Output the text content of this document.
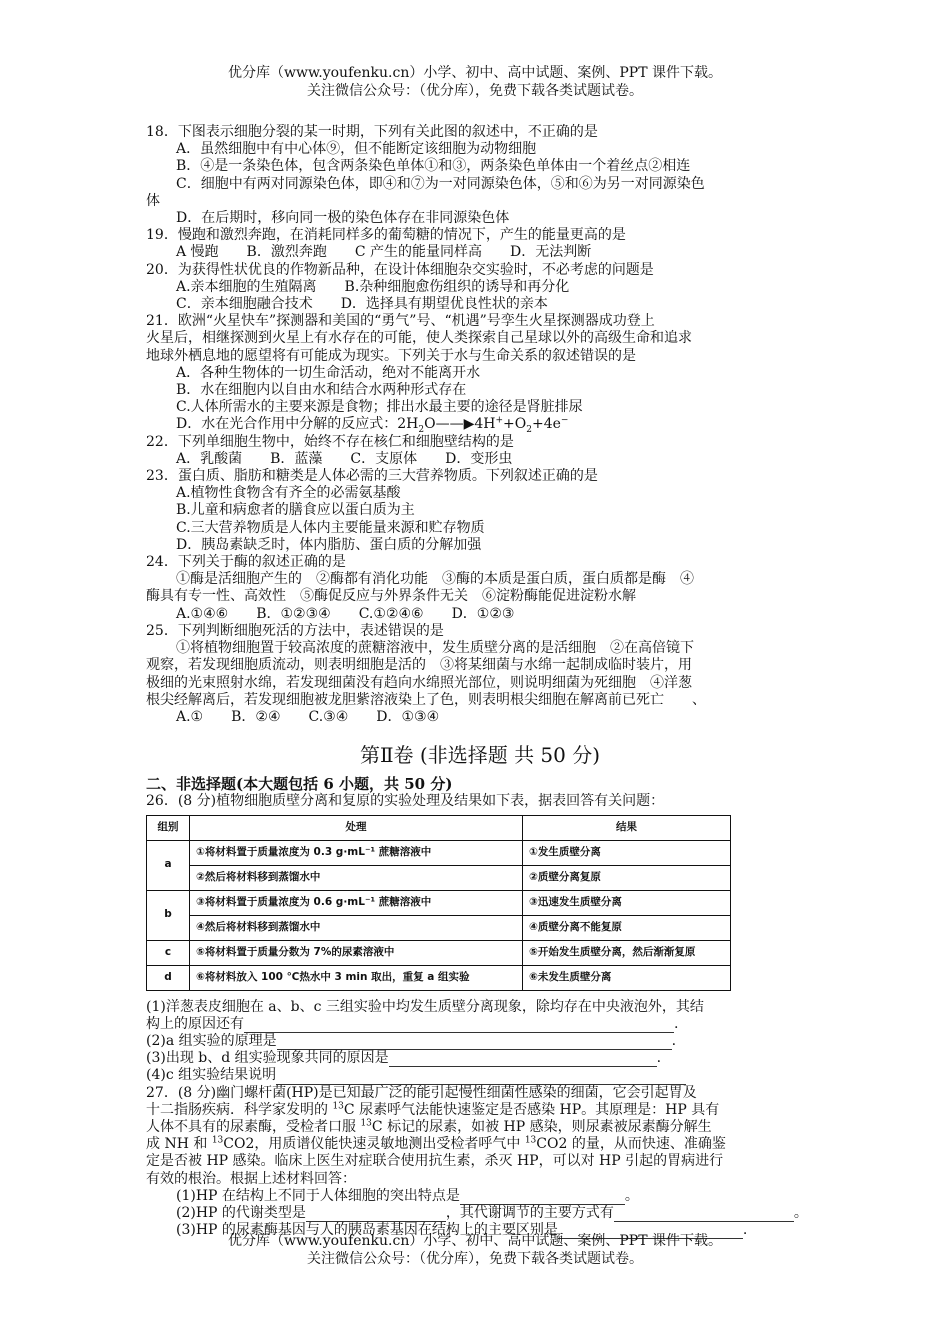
优分库（www.youfenku.cn）小学、初中、高中试题、案例、PPT 课件下载。
关注微信公众号：（优分库），免费下载各类试题试卷。

18．下图表示细胞分裂的某一时期，下列有关此图的叙述中，不正确的是

A．虽然细胞中有中心体⑨，但不能断定该细胞为动物细胞

B．④是一条染色体，包含两条染色单体①和③，两条染色单体由一个着丝点②相连

C．细胞中有两对同源染色体，即④和⑦为一对同源染色体，⑤和⑥为另一对同源染色

体

D．在后期时，移向同一极的染色体存在非同源染色体

19．慢跑和激烈奔跑，在消耗同样多的葡萄糖的情况下，产生的能量更高的是

A 慢跑　　B．激烈奔跑　　C 产生的能量同样高　　D．无法判断

20．为获得性状优良的作物新品种，在设计体细胞杂交实验时，不必考虑的问题是

A.亲本细胞的生殖隔离　　B.杂种细胞愈伤组织的诱导和再分化

C．亲本细胞融合技术　　D．选择具有期望优良性状的亲本

21．欧洲“火星快车”探测器和美国的“勇气”号、“机遇”号孪生火星探测器成功登上

火星后，相继探测到火星上有水存在的可能，使人类探索自己星球以外的高级生命和追求

地球外栖息地的愿望将有可能成为现实。下列关于水与生命关系的叙述错误的是

A．各种生物体的一切生命活动，绝对不能离开水

B．水在细胞内以自由水和结合水两种形式存在

C.人体所需水的主要来源是食物；排出水最主要的途径是肾脏排尿

D．水在光合作用中分解的反应式：$2H_2O——▶4H^++O_2+4e^-$

22．下列单细胞生物中，始终不存在核仁和细胞壁结构的是

A．乳酸菌　　B．蓝藻　　C．支原体　　D．变形虫

23．蛋白质、脂肪和糖类是人体必需的三大营养物质。下列叙述正确的是

A.植物性食物含有齐全的必需氨基酸

B.儿童和病愈者的膳食应以蛋白质为主

C.三大营养物质是人体内主要能量来源和贮存物质

D．胰岛素缺乏时，体内脂肪、蛋白质的分解加强

24．下列关于酶的叙述正确的是

①酶是活细胞产生的　②酶都有消化功能　③酶的本质是蛋白质，蛋白质都是酶　④

酶具有专一性、高效性　⑤酶促反应与外界条件无关　⑥淀粉酶能促进淀粉水解

A.①④⑥　　B．①②③④　　C.①②④⑥　　D．①②③

25．下列判断细胞死活的方法中，表述错误的是

①将植物细胞置于较高浓度的蔗糖溶液中，发生质壁分离的是活细胞　②在高倍镜下

观察，若发现细胞质流动，则表明细胞是活的　③将某细菌与水绵一起制成临时装片，用

极细的光束照射水绵，若发现细菌没有趋向水绵照光部位，则说明细菌为死细胞　④洋葱

根尖经解离后，若发现细胞被龙胆紫溶液染上了色，则表明根尖细胞在解离前已死亡　　、

A.①　　B．②④　　C.③④　　D．①③④

第Ⅱ卷 (非选择题 共 50 分)

二、非选择题(本大题包括 6 小题，共 50 分)

26．(8 分)植物细胞质壁分离和复原的实验处理及结果如下表，据表回答有关问题：

组别	处理	结果
a	①将材料置于质量浓度为 0.3 g·mL⁻¹ 蔗糖溶液中	①发生质壁分离
	②然后将材料移到蒸馏水中	②质壁分离复原
b	③将材料置于质量浓度为 0.6 g·mL⁻¹ 蔗糖溶液中	③迅速发生质壁分离
	④然后将材料移到蒸馏水中	④质壁分离不能复原
c	⑤将材料置于质量分数为 7%的尿素溶液中	⑤开始发生质壁分离，然后渐渐复原
d	⑥将材料放入 100 ℃热水中 3 min 取出，重复 a 组实验	⑥未发生质壁分离

(1)洋葱表皮细胞在 a、b、c 三组实验中均发生质壁分离现象，除均存在中央液泡外，其结

构上的原因还有	.

(2)a 组实验的原理是	.

(3)出现 b、d 组实验现象共同的原因是	.

(4)c 组实验结果说明

27．(8 分)幽门螺杆菌(HP)是已知最广泛的能引起慢性细菌性感染的细菌，它会引起胃及

十二指肠疾病．科学家发明的 $^{13}$C 尿素呼气法能快速鉴定是否感染 HP。其原理是：HP 具有

人体不具有的尿素酶，受检者口服 $^{13}$C 标记的尿素，如被 HP 感染，则尿素被尿素酶分解生

成 NH 和 $^{13}$CO2，用质谱仪能快速灵敏地测出受检者呼气中 $^{13}$CO2 的量，从而快速、准确鉴

定是否被 HP 感染。临床上医生对症联合使用抗生素，杀灭 HP，可以对 HP 引起的胃病进行

有效的根治。根据上述材料回答：

(1)HP 在结构上不同于人体细胞的突出特点是	。

(2)HP 的代谢类型是	，其代谢调节的主要方式有	。

(3)HP 的尿素酶基因与人的胰岛素基因在结构上的主要区别是	.

优分库（www.youfenku.cn）小学、初中、高中试题、案例、PPT 课件下载。
关注微信公众号：（优分库），免费下载各类试题试卷。
